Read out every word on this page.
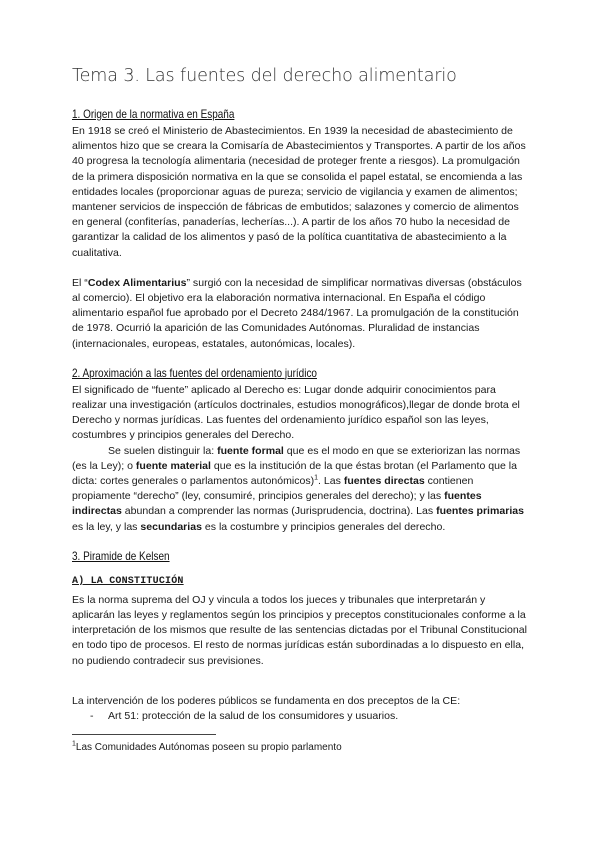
Tema 3. Las fuentes del derecho alimentario
1. Origen de la normativa en España

En 1918 se creó el Ministerio de Abastecimientos. En 1939 la necesidad de abastecimiento de alimentos hizo que se creara la Comisaría de Abastecimientos y Transportes. A partir de los años 40 progresa la tecnología alimentaria (necesidad de proteger frente a riesgos). La promulgación de la primera disposición normativa en la que se consolida el papel estatal, se encomienda a las entidades locales (proporcionar aguas de pureza; servicio de vigilancia y examen de alimentos; mantener servicios de inspección de fábricas de embutidos; salazones y comercio de alimentos en general (confiterías, panaderías, lecherías...). A partir de los años 70 hubo la necesidad de garantizar la calidad de los alimentos y pasó de la política cuantitativa de abastecimiento a la cualitativa.

El “Codex Alimentarius” surgió con la necesidad de simplificar normativas diversas (obstáculos al comercio). El objetivo era la elaboración normativa internacional. En España el código alimentario español fue aprobado por el Decreto 2484/1967. La promulgación de la constitución de 1978. Ocurrió la aparición de las Comunidades Autónomas. Pluralidad de instancias (internacionales, europeas, estatales, autonómicas, locales).

2. Aproximación a las fuentes del ordenamiento jurídico

El significado de “fuente” aplicado al Derecho es: Lugar donde adquirir conocimientos para realizar una investigación (artículos doctrinales, estudios monográficos),llegar de donde brota el Derecho y normas jurídicas. Las fuentes del ordenamiento jurídico español son las leyes, costumbres y principios generales del Derecho.

Se suelen distinguir la: fuente formal que es el modo en que se exteriorizan las normas (es la Ley); o fuente material que es la institución de la que éstas brotan (el Parlamento que la dicta: cortes generales o parlamentos autonómicos)$^1$. Las fuentes directas contienen propiamente “derecho” (ley, consumiré, principios generales del derecho); y las fuentes indirectas abundan a comprender las normas (Jurisprudencia, doctrina). Las fuentes primarias es la ley, y las secundarias es la costumbre y principios generales del derecho.

3. Piramide de Kelsen
A) LA CONSTITUCIÓN

Es la norma suprema del OJ y vincula a todos los jueces y tribunales que interpretarán y aplicarán las leyes y reglamentos según los principios y preceptos constitucionales conforme a la interpretación de los mismos que resulte de las sentencias dictadas por el Tribunal Constitucional en todo tipo de procesos. El resto de normas jurídicas están subordinadas a lo dispuesto en ella, no pudiendo contradecir sus previsiones.

La intervención de los poderes públicos se fundamenta en dos preceptos de la CE:

- Art 51: protección de la salud de los consumidores y usuarios.
$^1$Las Comunidades Autónomas poseen su propio parlamento
